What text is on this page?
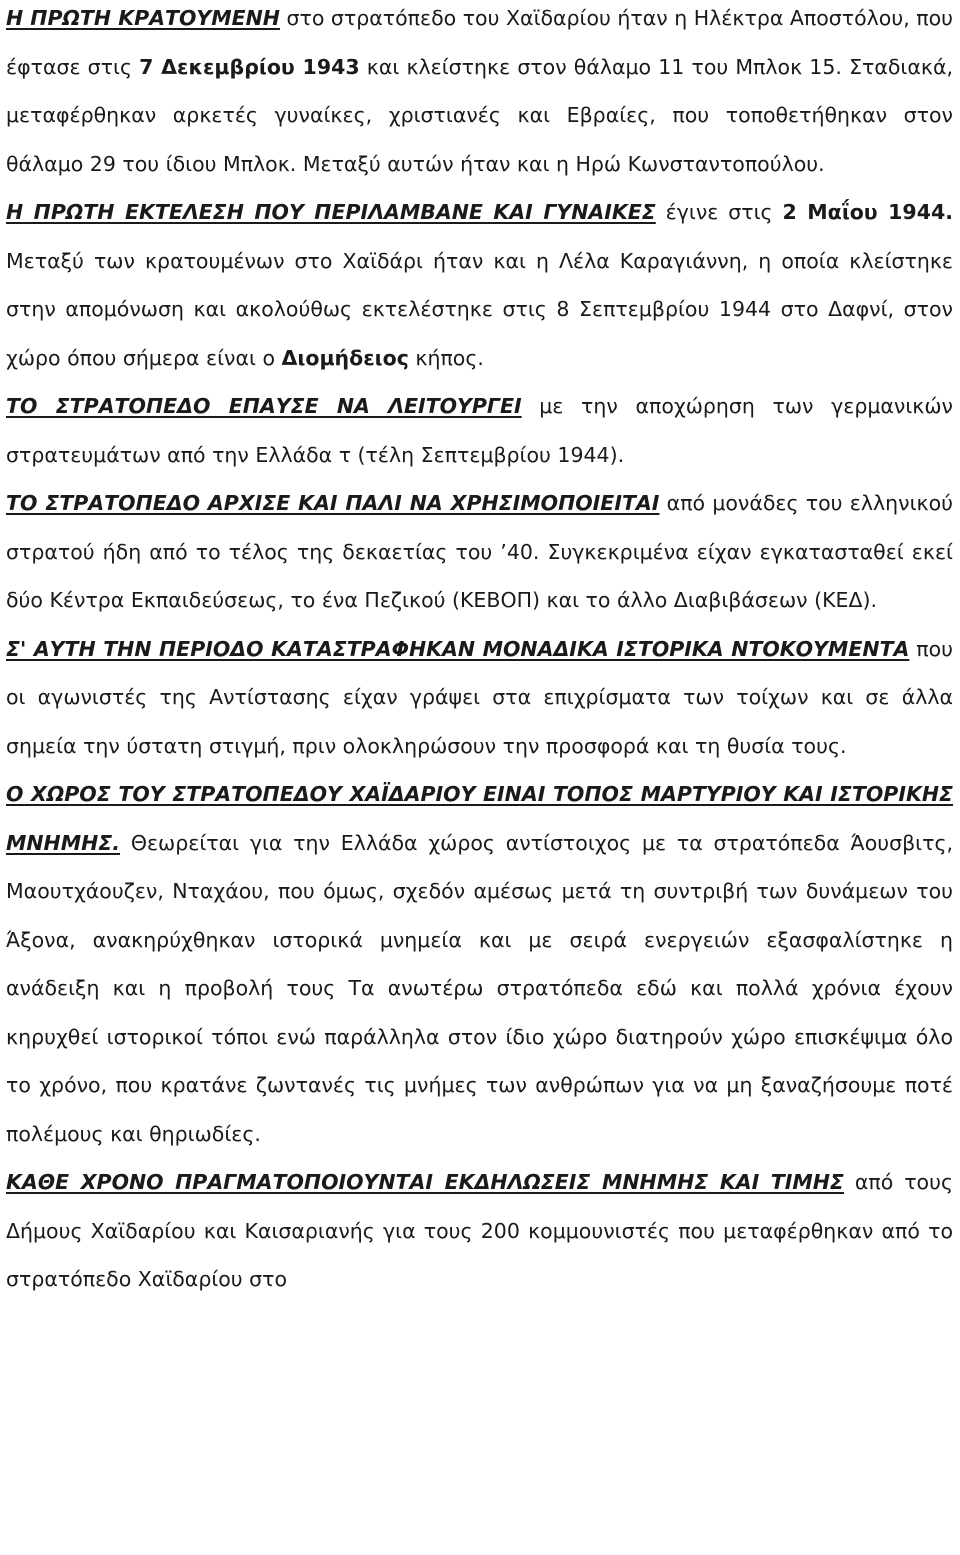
Η ΠΡΩΤΗ ΚΡΑΤΟΥΜΕΝΗ στο στρατόπεδο του Χαϊδαρίου ήταν η Ηλέκτρα Αποστόλου, που έφτασε στις 7 Δεκεμβρίου 1943 και κλείστηκε στον θάλαμο 11 του Μπλοκ 15. Σταδιακά, μεταφέρθηκαν αρκετές γυναίκες, χριστιανές και Εβραίες, που τοποθετήθηκαν στον θάλαμο 29 του ίδιου Μπλοκ. Μεταξύ αυτών ήταν και η Ηρώ Κωνσταντοπούλου.

Η ΠΡΩΤΗ ΕΚΤΕΛΕΣΗ ΠΟΥ ΠΕΡΙΛΑΜΒΑΝΕ ΚΑΙ ΓΥΝΑΙΚΕΣ έγινε στις 2 Μαΐου 1944. Μεταξύ των κρατουμένων στο Χαϊδάρι ήταν και η Λέλα Καραγιάννη, η οποία κλείστηκε στην απομόνωση και ακολούθως εκτελέστηκε στις 8 Σεπτεμβρίου 1944 στο Δαφνί, στον χώρο όπου σήμερα είναι ο Διομήδειος κήπος.

ΤΟ ΣΤΡΑΤΟΠΕΔΟ ΕΠΑΥΣΕ ΝΑ ΛΕΙΤΟΥΡΓΕΙ με την αποχώρηση των γερμανικών στρατευμάτων από την Ελλάδα τ (τέλη Σεπτεμβρίου 1944).

ΤΟ ΣΤΡΑΤΟΠΕΔΟ ΑΡΧΙΣΕ ΚΑΙ ΠΑΛΙ ΝΑ ΧΡΗΣΙΜΟΠΟΙΕΙΤΑΙ από μονάδες του ελληνικού στρατού ήδη από το τέλος της δεκαετίας του ’40. Συγκεκριμένα είχαν εγκατασταθεί εκεί δύο Κέντρα Εκπαιδεύσεως, το ένα Πεζικού (ΚΕΒΟΠ) και το άλλο Διαβιβάσεων (ΚΕΔ).

Σ' ΑΥΤΗ ΤΗΝ ΠΕΡΙΟΔΟ ΚΑΤΑΣΤΡΑΦΗΚΑΝ ΜΟΝΑΔΙΚΑ ΙΣΤΟΡΙΚΑ ΝΤΟΚΟΥΜΕΝΤΑ που οι αγωνιστές της Αντίστασης είχαν γράψει στα επιχρίσματα των τοίχων και σε άλλα σημεία την ύστατη στιγμή, πριν ολοκληρώσουν την προσφορά και τη θυσία τους.

Ο ΧΩΡΟΣ ΤΟΥ ΣΤΡΑΤΟΠΕΔΟΥ ΧΑΪΔΑΡΙΟΥ ΕΙΝΑΙ ΤΟΠΟΣ ΜΑΡΤΥΡΙΟΥ ΚΑΙ ΙΣΤΟΡΙΚΗΣ ΜΝΗΜΗΣ. Θεωρείται για την Ελλάδα χώρος αντίστοιχος με τα στρατόπεδα Άουσβιτς, Μαουτχάουζεν, Νταχάου, που όμως, σχεδόν αμέσως μετά τη συντριβή των δυνάμεων του Άξονα, ανακηρύχθηκαν ιστορικά μνημεία και με σειρά ενεργειών εξασφαλίστηκε η ανάδειξη και η προβολή τους Τα ανωτέρω στρατόπεδα εδώ και πολλά χρόνια έχουν κηρυχθεί ιστορικοί τόποι ενώ παράλληλα στον ίδιο χώρο διατηρούν χώρο επισκέψιμα όλο το χρόνο, που κρατάνε ζωντανές τις μνήμες των ανθρώπων για να μη ξαναζήσουμε ποτέ πολέμους και θηριωδίες.

ΚΑΘΕ ΧΡΟΝΟ ΠΡΑΓΜΑΤΟΠΟΙΟΥΝΤΑΙ ΕΚΔΗΛΩΣΕΙΣ ΜΝΗΜΗΣ ΚΑΙ ΤΙΜΗΣ από τους Δήμους Χαϊδαρίου και Καισαριανής για τους 200 κομμουνιστές που μεταφέρθηκαν από το στρατόπεδο Χαϊδαρίου στο
